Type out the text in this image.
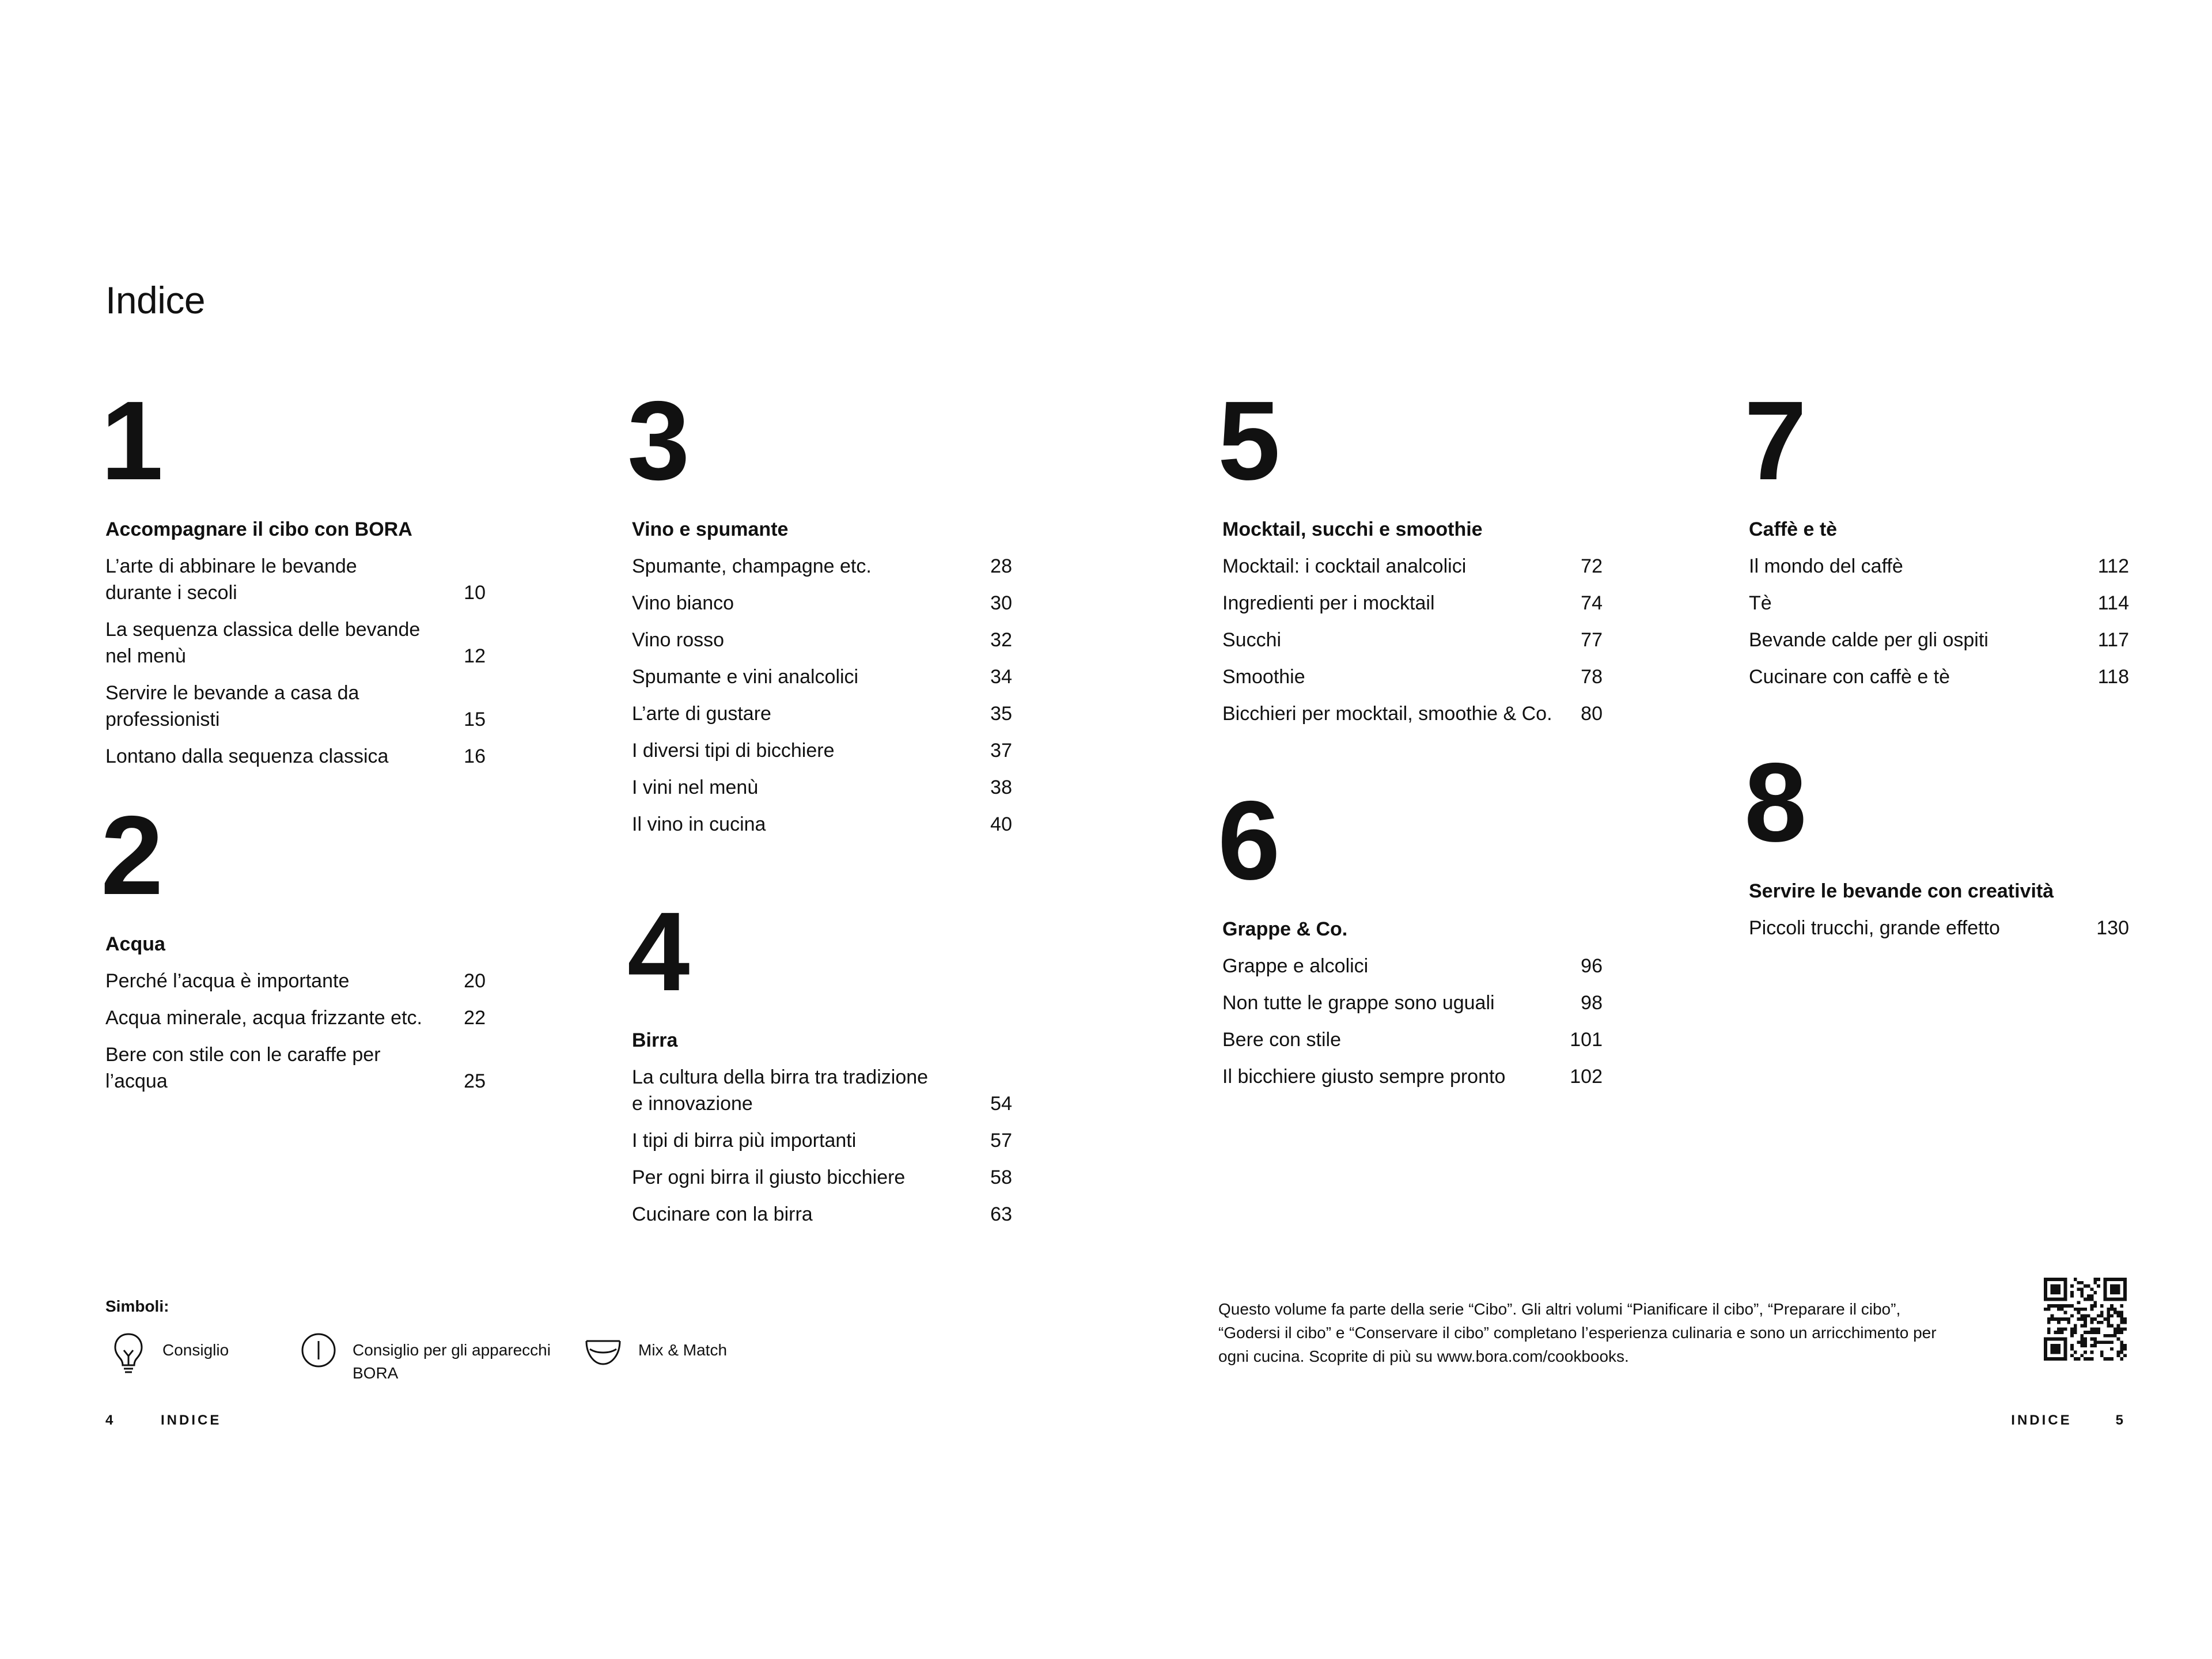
Indice
1
Accompagnare il cibo con BORA
L’arte di abbinare le bevande
durante i secoli	10
La sequenza classica delle bevande
nel menù	12
Servire le bevande a casa da
professionisti	15
Lontano dalla sequenza classica	16
2
Acqua
Perché l’acqua è importante	20
Acqua minerale, acqua frizzante etc.	22
Bere con stile con le caraffe per l’acqua	25
3
Vino e spumante
Spumante, champagne etc.	28
Vino bianco	30
Vino rosso	32
Spumante e vini analcolici	34
L’arte di gustare	35
I diversi tipi di bicchiere	37
I vini nel menù	38
Il vino in cucina	40
4
Birra
La cultura della birra tra tradizione
e innovazione	54
I tipi di birra più importanti	57
Per ogni birra il giusto bicchiere	58
Cucinare con la birra	63
5
Mocktail, succhi e smoothie
Mocktail: i cocktail analcolici	72
Ingredienti per i mocktail	74
Succhi	77
Smoothie	78
Bicchieri per mocktail, smoothie & Co.	80
6
Grappe & Co.
Grappe e alcolici	96
Non tutte le grappe sono uguali	98
Bere con stile	101
Il bicchiere giusto sempre pronto	102
7
Caffè e tè
Il mondo del caffè	112
Tè	114
Bevande calde per gli ospiti	117
Cucinare con caffè e tè	118
8
Servire le bevande con creatività
Piccoli trucchi, grande effetto	130
Simboli:
Consiglio	Consiglio per gli apparecchi
BORA
Mix & Match
Questo volume fa parte della serie “Cibo”. Gli altri volumi “Pianificare il cibo”, “Preparare il cibo”, “Godersi il cibo” e “Conservare il cibo” completano l’esperienza culinaria e sono un arricchimento per ogni cucina. Scoprite di più su www.bora.com/cookbooks.
4	INDICE	INDICE	5
